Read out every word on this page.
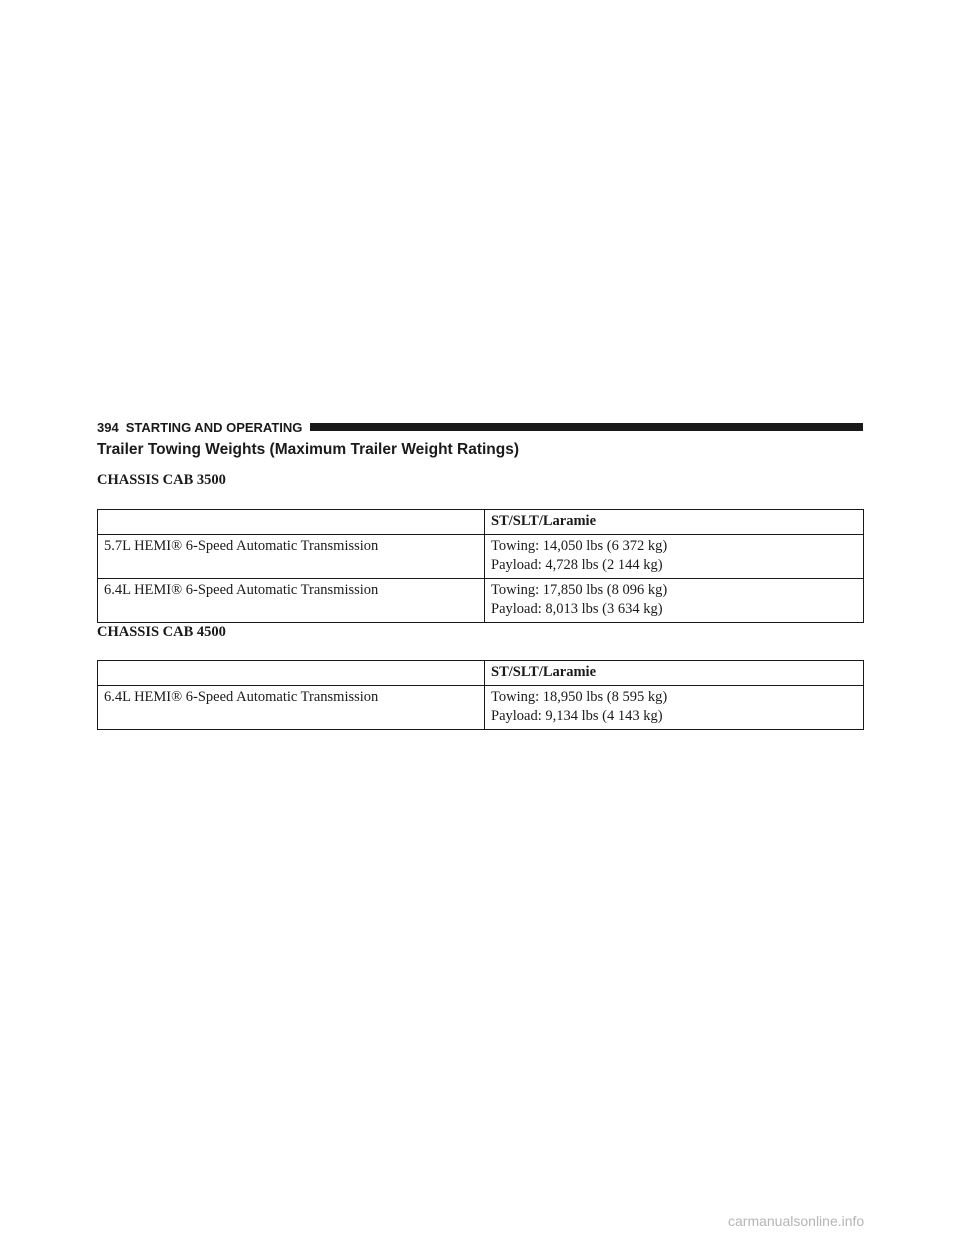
394 STARTING AND OPERATING
Trailer Towing Weights (Maximum Trailer Weight Ratings)
CHASSIS CAB 3500
	ST/SLT/Laramie
5.7L HEMI® 6-Speed Automatic Transmission	Towing: 14,050 lbs (6 372 kg)
Payload: 4,728 lbs (2 144 kg)

6.4L HEMI® 6-Speed Automatic Transmission	Towing: 17,850 lbs (8 096 kg)
Payload: 8,013 lbs (3 634 kg)
CHASSIS CAB 4500
	ST/SLT/Laramie
6.4L HEMI® 6-Speed Automatic Transmission	Towing: 18,950 lbs (8 595 kg)
Payload: 9,134 lbs (4 143 kg)
carmanualsonline.info
